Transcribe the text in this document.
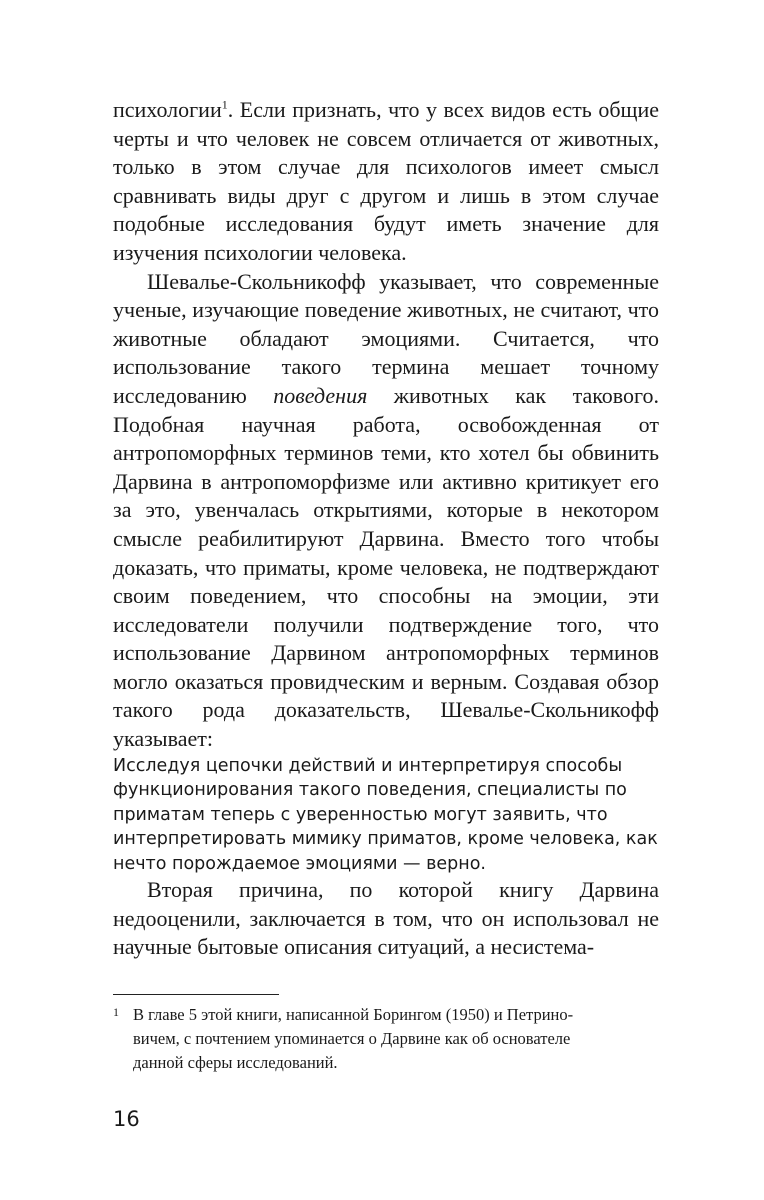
психологии$^1$. Если признать, что у всех видов есть общие черты и что человек не совсем отличается от животных, только в этом случае для психологов имеет смысл сравнивать виды друг с другом и лишь в этом случае подобные исследования будут иметь значение для изучения психологии человека.

Шевалье-Скольникофф указывает, что современные ученые, изучающие поведение животных, не считают, что животные обладают эмоциями. Считается, что использование такого термина мешает точному исследованию поведения животных как такового. Подобная научная работа, освобожденная от антропоморфных терминов теми, кто хотел бы обвинить Дарвина в антропоморфизме или активно критикует его за это, увенчалась открытиями, которые в некотором смысле реабилитируют Дарвина. Вместо того чтобы доказать, что приматы, кроме человека, не подтверждают своим поведением, что способны на эмоции, эти исследователи получили подтверждение того, что использование Дарвином антропоморфных терминов могло оказаться провидческим и верным. Создавая обзор такого рода доказательств, Шевалье-Скольникофф указывает:

Исследуя цепочки действий и интерпретируя способы функционирования такого поведения, специалисты по приматам теперь с уверенностью могут заявить, что интерпретировать мимику приматов, кроме человека, как нечто порождаемое эмоциями — верно.

Вторая причина, по которой книгу Дарвина недооценили, заключается в том, что он использовал не научные бытовые описания ситуаций, а несистема-

1 В главе 5 этой книги, написанной Борингом (1950) и Петрино-
вичем, с почтением упоминается о Дарвине как об основателе
данной сферы исследований.
16
